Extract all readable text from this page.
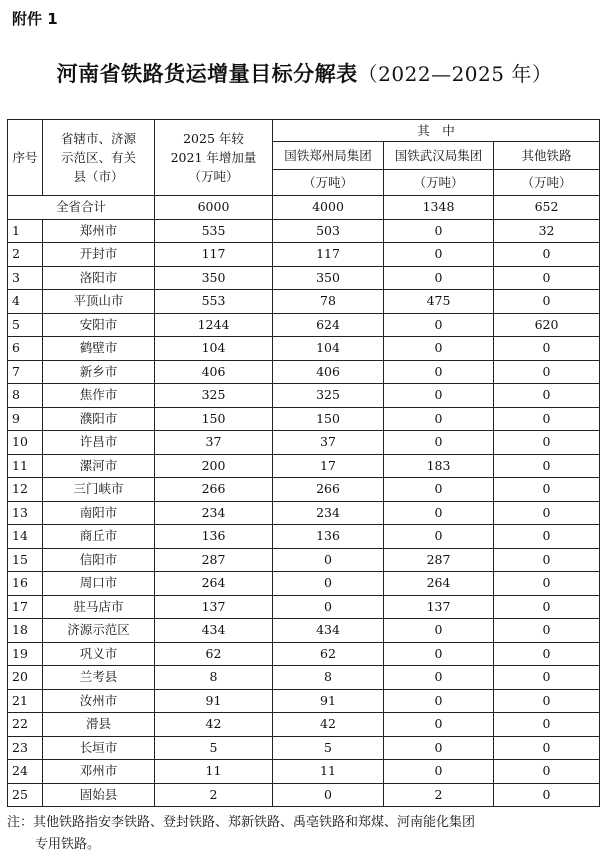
附件 1
河南省铁路货运增量目标分解表（2022—2025 年）
序号	省辖市、济源
示范区、有关
县（市）	2025 年较
2021 年增加量
（万吨）	其　中		
			国铁郑州局集团	国铁武汉局集团	其他铁路
			（万吨）	（万吨）	（万吨）
全省合计		6000	4000	1348	652
1	郑州市	535	503	0	32
2	开封市	117	117	0	0
3	洛阳市	350	350	0	0
4	平顶山市	553	78	475	0
5	安阳市	1244	624	0	620
6	鹤壁市	104	104	0	0
7	新乡市	406	406	0	0
8	焦作市	325	325	0	0
9	濮阳市	150	150	0	0
10	许昌市	37	37	0	0
11	漯河市	200	17	183	0
12	三门峡市	266	266	0	0
13	南阳市	234	234	0	0
14	商丘市	136	136	0	0
15	信阳市	287	0	287	0
16	周口市	264	0	264	0
17	驻马店市	137	0	137	0
18	济源示范区	434	434	0	0
19	巩义市	62	62	0	0
20	兰考县	8	8	0	0
21	汝州市	91	91	0	0
22	滑县	42	42	0	0
23	长垣市	5	5	0	0
24	邓州市	11	11	0	0
25	固始县	2	0	2	0
注：其他铁路指安李铁路、登封铁路、郑新铁路、禹亳铁路和郑煤、河南能化集团
专用铁路。
